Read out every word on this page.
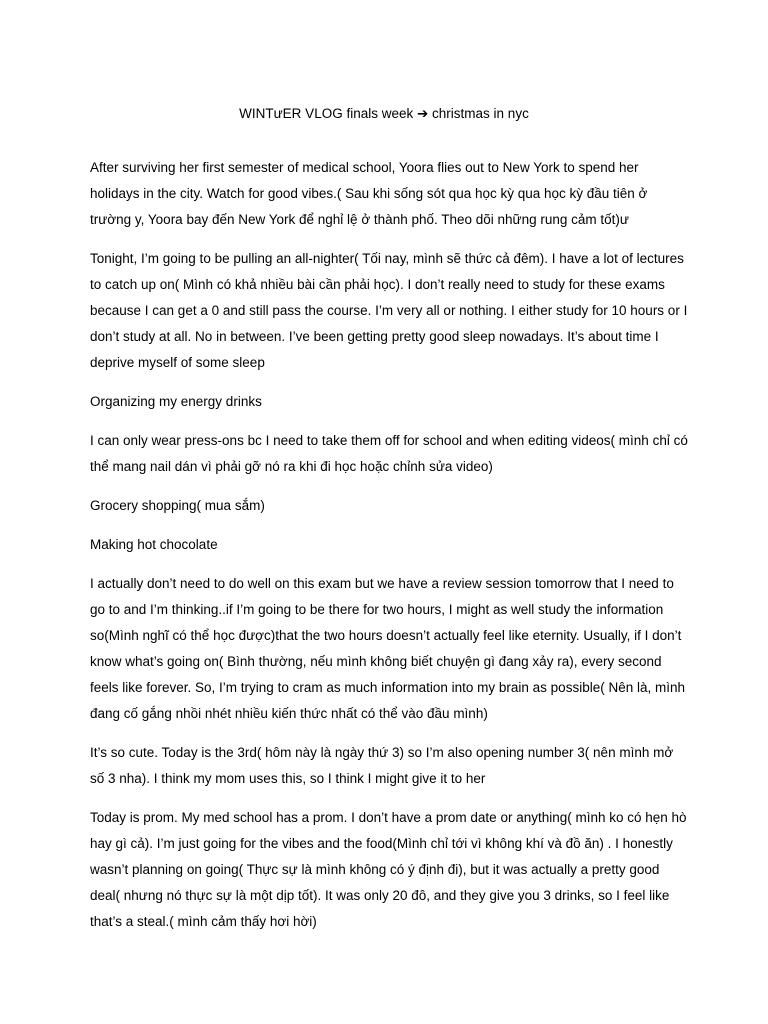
WINTưER VLOG finals week ➔ christmas in nyc

After surviving her first semester of medical school, Yoora flies out to New York to spend her holidays in the city. Watch for good vibes.( Sau khi sống sót qua học kỳ qua học kỳ đầu tiên ở trường y, Yoora bay đến New York để nghỉ lệ ở thành phố. Theo dõi những rung cảm tốt)ư

Tonight, I’m going to be pulling an all-nighter( Tối nay, mình sẽ thức cả đêm). I have a lot of lectures to catch up on( Mình có khả nhiều bài cần phải học). I don’t really need to study for these exams because I can get a 0 and still pass the course. I’m very all or nothing. I either study for 10 hours or I don’t study at all. No in between. I’ve been getting pretty good sleep nowadays. It’s about time I deprive myself of some sleep

Organizing my energy drinks

I can only wear press-ons bc I need to take them off for school and when editing videos( mình chỉ có thể mang nail dán vì phải gỡ nó ra khi đi học hoặc chỉnh sửa video)

Grocery shopping( mua sắm)

Making hot chocolate

I actually don’t need to do well on this exam but we have a review session tomorrow that I need to go to and I’m thinking..if I’m going to be there for two hours, I might as well study the information so(Mình nghĩ có thể học được)that the two hours doesn’t actually feel like eternity. Usually, if I don’t know what’s going on( Bình thường, nếu mình không biết chuyện gì đang xảy ra), every second feels like forever. So, I’m trying to cram as much information into my brain as possible( Nên là, mình đang cố gắng nhồi nhét nhiều kiến thức nhất có thể vào đầu mình)

It’s so cute. Today is the 3rd( hôm này là ngày thứ 3) so I’m also opening number 3( nên mình mở số 3 nha). I think my mom uses this, so I think I might give it to her

Today is prom. My med school has a prom. I don’t have a prom date or anything( mình ko có hẹn hò hay gì cả). I’m just going for the vibes and the food(Mình chỉ tới vì không khí và đồ ăn) . I honestly wasn’t planning on going( Thực sự là mình không có ý định đi), but it was actually a pretty good deal( nhưng nó thực sự là một dịp tốt). It was only 20 đô, and they give you 3 drinks, so I feel like that’s a steal.( mình cảm thấy hơi hời)
